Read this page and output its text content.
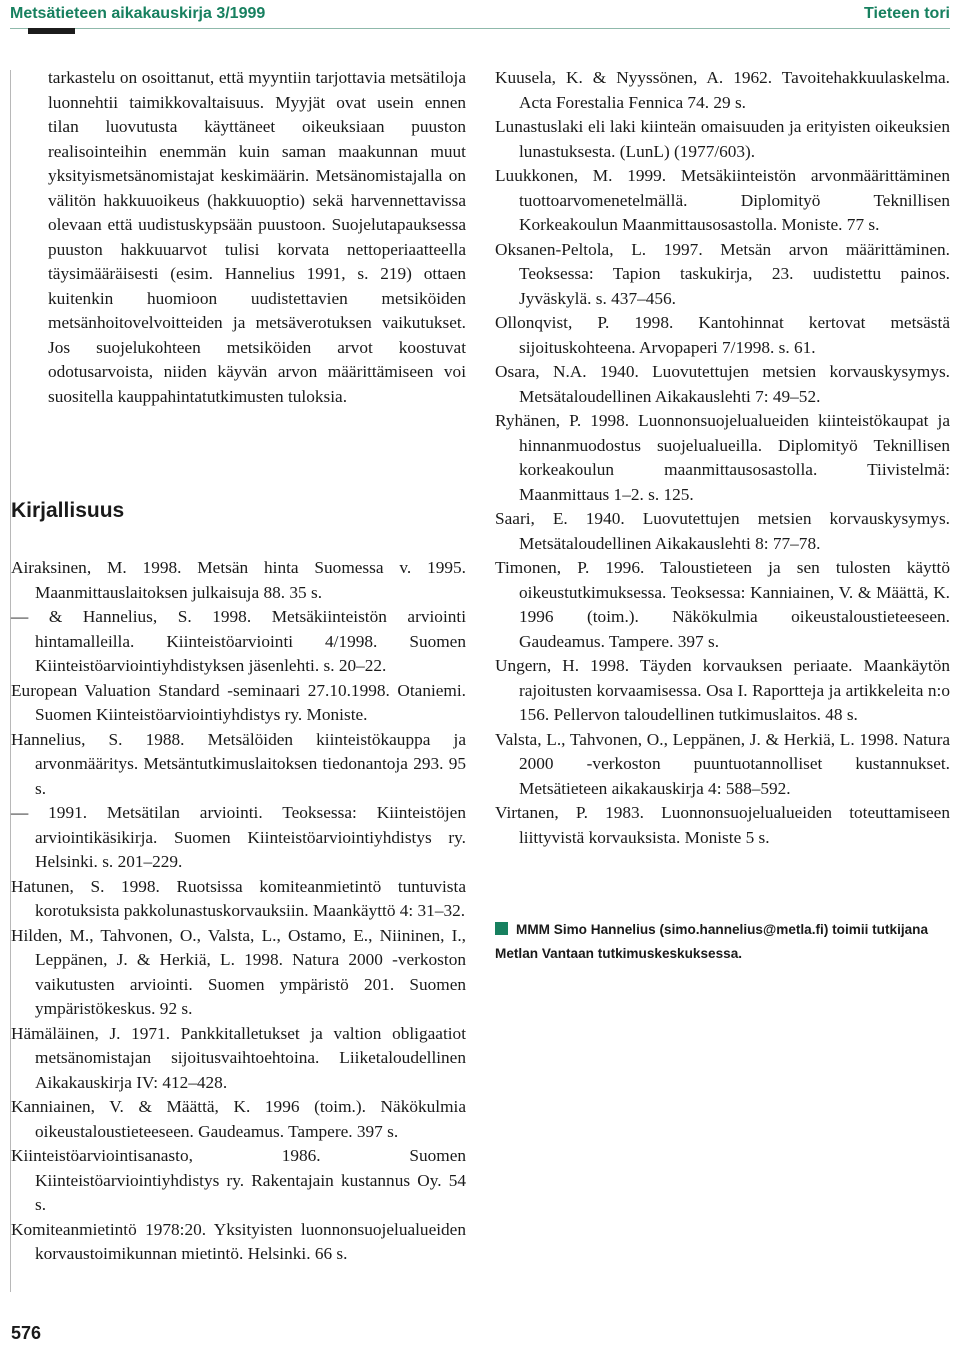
Metsätieteen aikakauskirja 3/1999	Tieteen tori

tarkastelu on osoittanut, että myyntiin tarjottavia metsätiloja luonnehtii taimikkovaltaisuus. Myyjät ovat usein ennen tilan luovutusta käyttäneet oikeuksiaan puuston realisointeihin enemmän kuin saman maakunnan muut yksityismetsänomistajat keskimäärin. Metsänomistajalla on välitön hakkuuoikeus (hakkuuoptio) sekä harvennettavissa olevaan että uudistuskypsään puustoon. Suojelutapauksessa puuston hakkuuarvot tulisi korvata nettoperiaatteella täysimääräisesti (esim. Hannelius 1991, s. 219) ottaen kuitenkin huomioon uudistettavien metsiköiden metsänhoitovelvoitteiden ja metsäverotuksen vaikutukset. Jos suojelukohteen metsiköiden arvot koostuvat odotusarvoista, niiden käyvän arvon määrittämiseen voi suositella kauppahintatutkimusten tuloksia.

Kirjallisuus

Airaksinen, M. 1998. Metsän hinta Suomessa v. 1995. Maanmittauslaitoksen julkaisuja 88. 35 s.

— & Hannelius, S. 1998. Metsäkiinteistön arviointi hintamalleilla. Kiinteistöarviointi 4/1998. Suomen Kiinteistöarviointiyhdistyksen jäsenlehti. s. 20–22.

European Valuation Standard -seminaari 27.10.1998. Otaniemi. Suomen Kiinteistöarviointiyhdistys ry. Moniste.

Hannelius, S. 1988. Metsälöiden kiinteistökauppa ja arvonmääritys. Metsäntutkimuslaitoksen tiedonantoja 293. 95 s.

— 1991. Metsätilan arviointi. Teoksessa: Kiinteistöjen arviointikäsikirja. Suomen Kiinteistöarviointiyhdistys ry. Helsinki. s. 201–229.

Hatunen, S. 1998. Ruotsissa komiteanmietintö tuntuvista korotuksista pakkolunastuskorvauksiin. Maankäyttö 4: 31–32.

Hilden, M., Tahvonen, O., Valsta, L., Ostamo, E., Niininen, I., Leppänen, J. & Herkiä, L. 1998. Natura 2000 -verkoston vaikutusten arviointi. Suomen ympäristö 201. Suomen ympäristökeskus. 92 s.

Hämäläinen, J. 1971. Pankkitalletukset ja valtion obligaatiot metsänomistajan sijoitusvaihtoehtoina. Liiketaloudellinen Aikakauskirja IV: 412–428.

Kanniainen, V. & Määttä, K. 1996 (toim.). Näkökulmia oikeustaloustieteeseen. Gaudeamus. Tampere. 397 s.

Kiinteistöarviointisanasto, 1986. Suomen Kiinteistöarviointiyhdistys ry. Rakentajain kustannus Oy. 54 s.

Komiteanmietintö 1978:20. Yksityisten luonnonsuojelualueiden korvaustoimikunnan mietintö. Helsinki. 66 s.

Kuusela, K. & Nyyssönen, A. 1962. Tavoitehakkuulaskelma. Acta Forestalia Fennica 74. 29 s.

Lunastuslaki eli laki kiinteän omaisuuden ja erityisten oikeuksien lunastuksesta. (LunL) (1977/603).

Luukkonen, M. 1999. Metsäkiinteistön arvonmäärittäminen tuottoarvomenetelmällä. Diplomityö Teknillisen Korkeakoulun Maanmittausosastolla. Moniste. 77 s.

Oksanen-Peltola, L. 1997. Metsän arvon määrittäminen. Teoksessa: Tapion taskukirja, 23. uudistettu painos. Jyväskylä. s. 437–456.

Ollonqvist, P. 1998. Kantohinnat kertovat metsästä sijoituskohteena. Arvopaperi 7/1998. s. 61.

Osara, N.A. 1940. Luovutettujen metsien korvauskysymys. Metsätaloudellinen Aikakauslehti 7: 49–52.

Ryhänen, P. 1998. Luonnonsuojelualueiden kiinteistökaupat ja hinnanmuodostus suojelualueilla. Diplomityö Teknillisen korkeakoulun maanmittausosastolla. Tiivistelmä: Maanmittaus 1–2. s. 125.

Saari, E. 1940. Luovutettujen metsien korvauskysymys. Metsätaloudellinen Aikakauslehti 8: 77–78.

Timonen, P. 1996. Taloustieteen ja sen tulosten käyttö oikeustutkimuksessa. Teoksessa: Kanniainen, V. & Määttä, K. 1996 (toim.). Näkökulmia oikeustaloustieteeseen. Gaudeamus. Tampere. 397 s.

Ungern, H. 1998. Täyden korvauksen periaate. Maankäytön rajoitusten korvaamisessa. Osa I. Raportteja ja artikkeleita n:o 156. Pellervon taloudellinen tutkimuslaitos. 48 s.

Valsta, L., Tahvonen, O., Leppänen, J. & Herkiä, L. 1998. Natura 2000 -verkoston puuntuotannolliset kustannukset. Metsätieteen aikakauskirja 4: 588–592.

Virtanen, P. 1983. Luonnonsuojelualueiden toteuttamiseen liittyvistä korvauksista. Moniste 5 s.

MMM Simo Hannelius (simo.hannelius@metla.fi) toimii tutkijana Metlan Vantaan tutkimuskeskuksessa.
576
